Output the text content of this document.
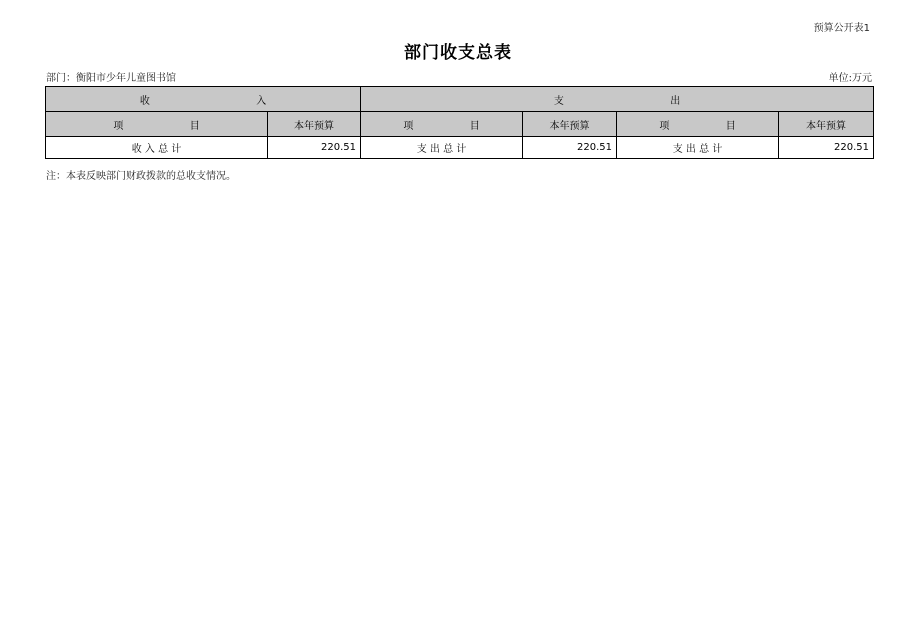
预算公开表1
部门收支总表
部门：衡阳市少年儿童图书馆	单位:万元
收 入		支 出			
项 目	本年预算	项 目	本年预算	项 目	本年预算
收 入 总 计	220.51	支 出 总 计	220.51	支 出 总 计	220.51
注：本表反映部门财政拨款的总收支情况。
